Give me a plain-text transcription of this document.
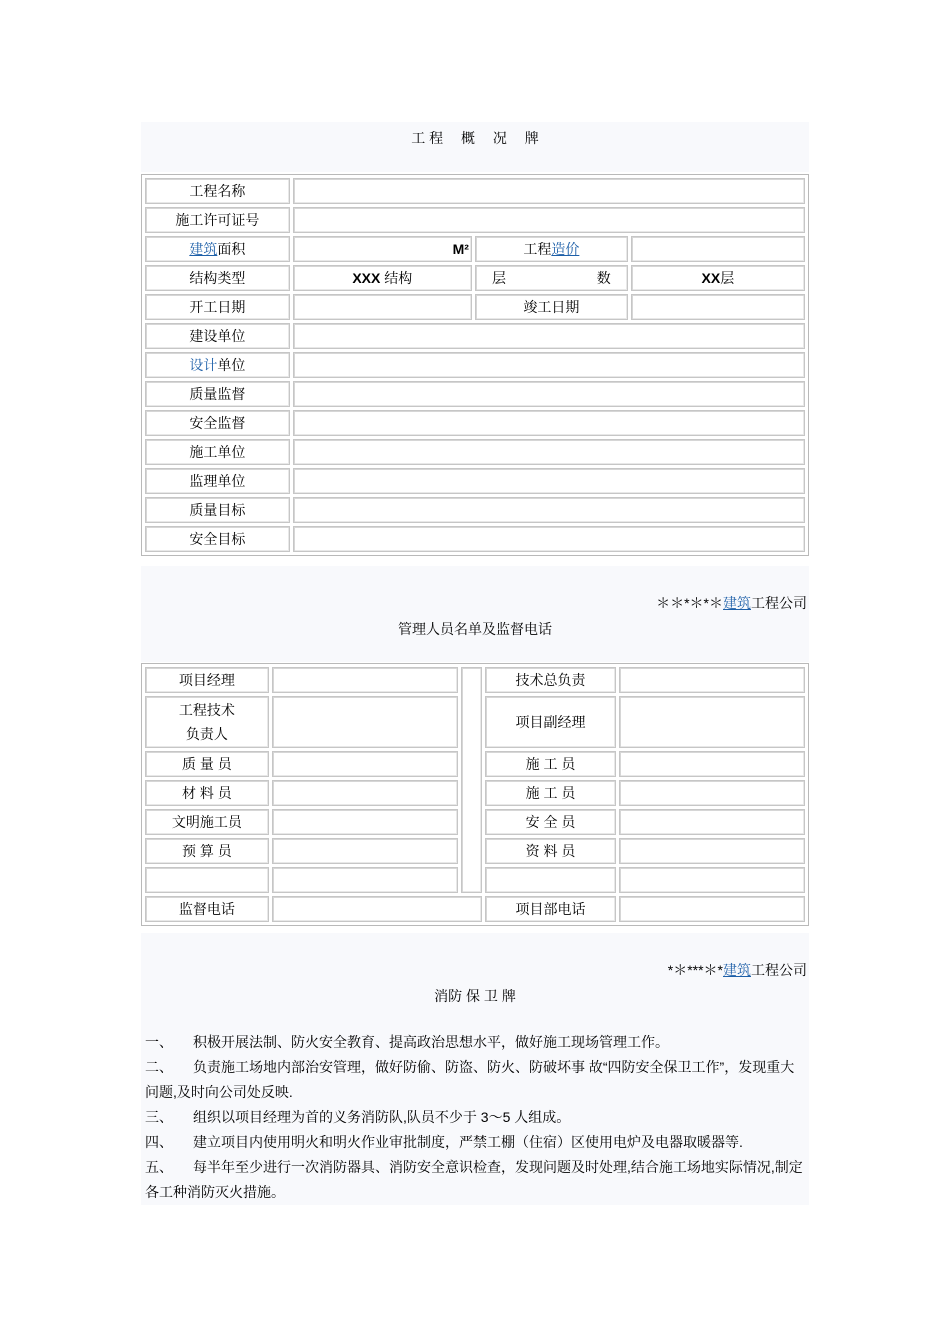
工 程　 概　 况　 牌
工程名称			
施工许可证号			
建筑面积	M²	工程造价	
结构类型	XXX 结构	层 数	XX层
开工日期		竣工日期	
建设单位			
设计单位			
质量监督			
安全监督			
施工单位			
监理单位			
质量目标			
安全目标			
＊＊*＊*＊建筑工程公司
管理人员名单及监督电话
项目经理			技术总负责	

工程技术
负责人			项目副经理	
质 量 员			施 工 员	
材 料 员			施 工 员	
文明施工员			安 全 员	
预 算 员			资 料 员	

监督电话			项目部电话	
*＊***＊*建筑工程公司
消防 保 卫 牌

一、 积极开展法制、防火安全教育、提高政治思想水平，做好施工现场管理工作。

二、 负责施工场地内部治安管理，做好防偷、防盗、防火、防破坏事 故“四防安全保卫工作”，发现重大问题,及时向公司处反映.

三、 组织以项目经理为首的义务消防队,队员不少于 3～5 人组成。

四、 建立项目内使用明火和明火作业审批制度，严禁工棚（住宿）区使用电炉及电器取暖器等.

五、 每半年至少进行一次消防器具、消防安全意识检查，发现问题及时处理,结合施工场地实际情况,制定各工种消防灭火措施。
